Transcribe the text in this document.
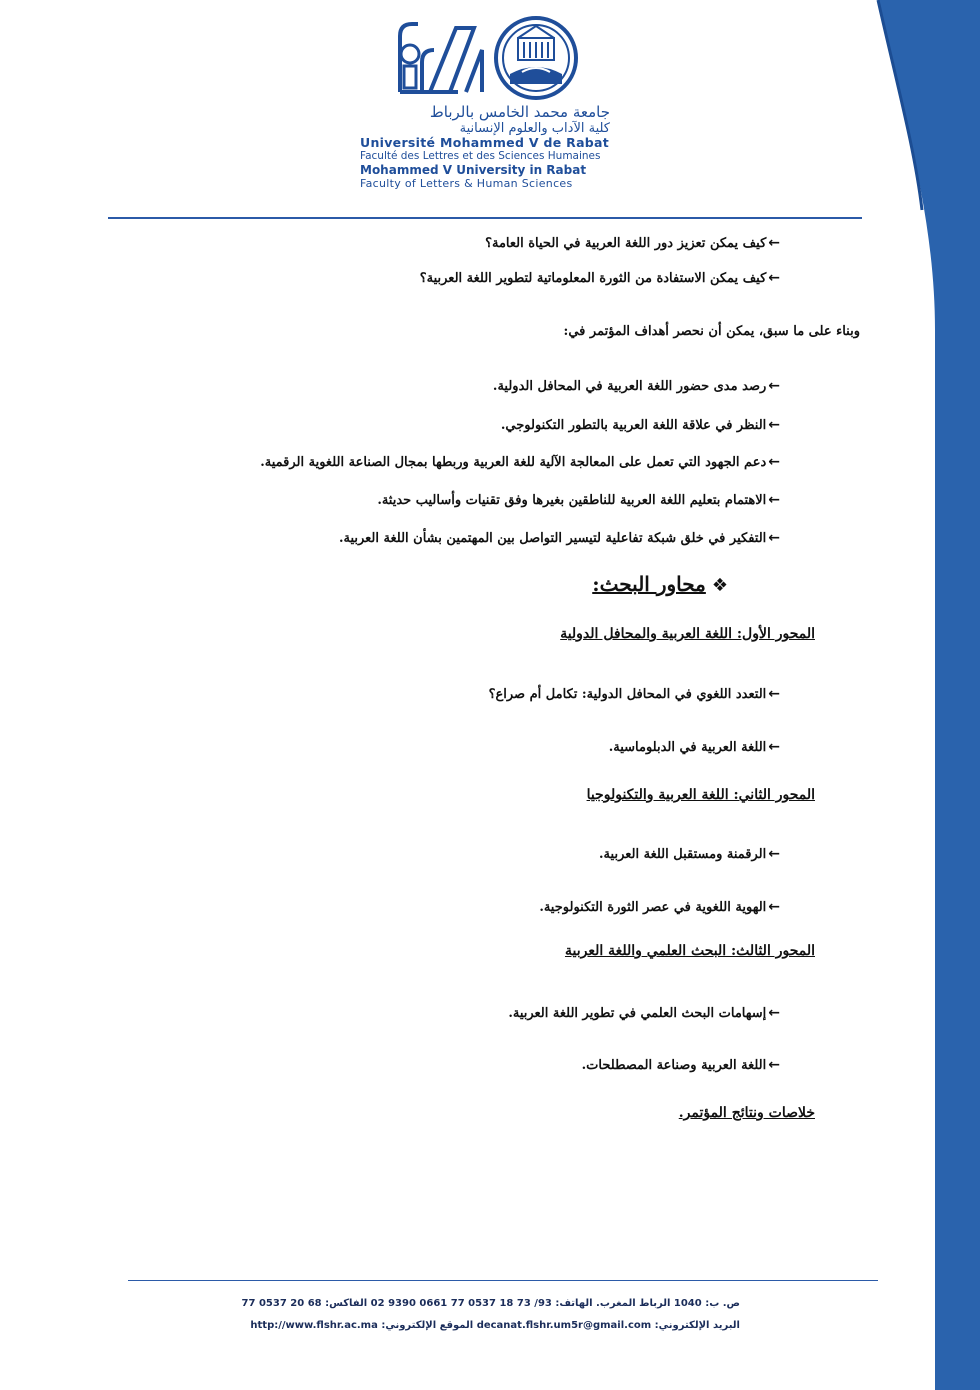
جامعة محمد الخامس بالرباط
كلية الآداب والعلوم الإنسانية
Université Mohammed V de Rabat
Faculté des Lettres et des Sciences Humaines
Mohammed V University in Rabat
Faculty of Letters & Human Sciences
←كيف يمكن تعزيز دور اللغة العربية في الحياة العامة؟
←كيف يمكن الاستفادة من الثورة المعلوماتية لتطوير اللغة العربية؟
وبناء على ما سبق، يمكن أن نحصر أهداف المؤتمر في:
←رصد مدى حضور اللغة العربية في المحافل الدولية.
←النظر في علاقة اللغة العربية بالتطور التكنولوجي.
←دعم الجهود التي تعمل على المعالجة الآلية للغة العربية وربطها بمجال الصناعة اللغوية الرقمية.
←الاهتمام بتعليم اللغة العربية للناطقين بغيرها وفق تقنيات وأساليب حديثة.
←التفكير في خلق شبكة تفاعلية لتيسير التواصل بين المهتمين بشأن اللغة العربية.
❖محاور البحث:
المحور الأول: اللغة العربية والمحافل الدولية
←التعدد اللغوي في المحافل الدولية: تكامل أم صراع؟
←اللغة العربية في الدبلوماسية.
المحور الثاني: اللغة العربية والتكنولوجيا
←الرقمنة ومستقبل اللغة العربية.
←الهوية اللغوية في عصر الثورة التكنولوجية.
المحور الثالث: البحث العلمي واللغة العربية
←إسهامات البحث العلمي في تطوير اللغة العربية.
←اللغة العربية وصناعة المصطلحات.
خلاصات ونتائج المؤتمر.
ص. ب: 1040 الرباط المغرب. الهاتف: 93/ 73 18 0537 77 0661 9390 02 الفاكس: 68 20 0537 77
البريد الإلكتروني: decanat.flshr.um5r@gmail.com الموقع الإلكتروني: http://www.flshr.ac.ma
